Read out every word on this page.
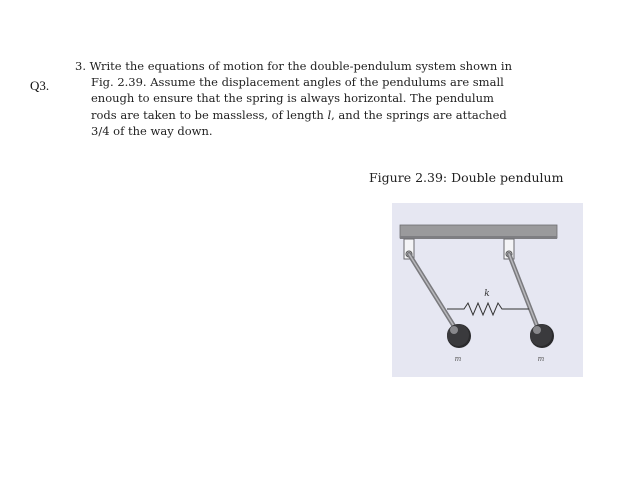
Q3.
3. Write the equations of motion for the double-pendulum system shown in
Fig. 2.39. Assume the displacement angles of the pendulums are small
enough to ensure that the spring is always horizontal. The pendulum
rods are taken to be massless, of length l, and the springs are attached
3/4 of the way down.
Figure 2.39: Double pendulum
k
m	m
